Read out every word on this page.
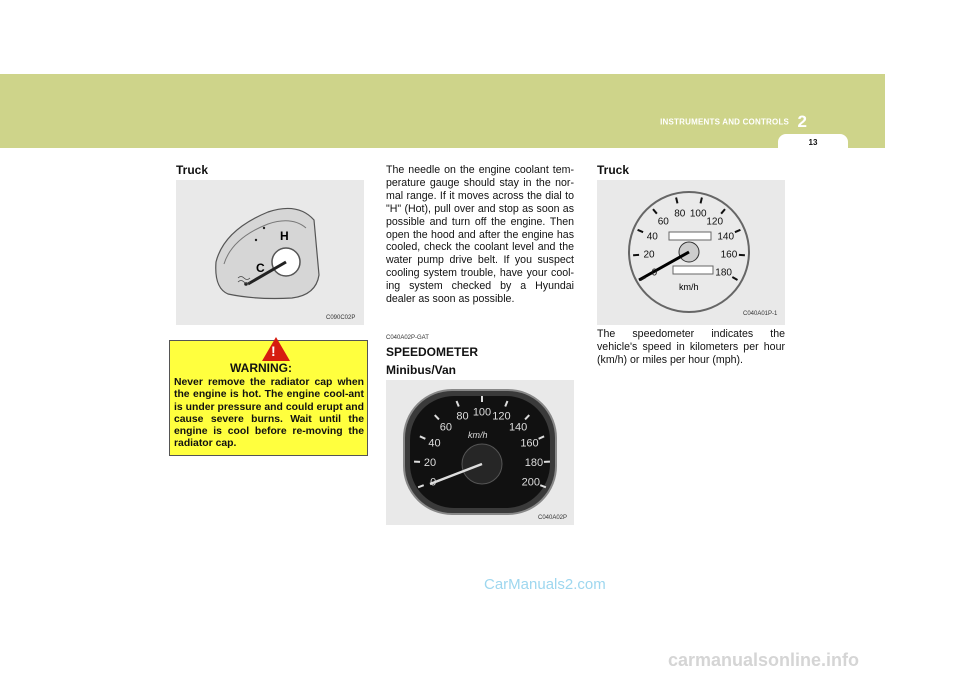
INSTRUMENTS AND CONTROLS 2
13
Truck
H
C
C090C02P
!
WARNING:
Never remove the radiator cap when the engine is hot. The engine cool-ant is under pressure and could erupt and cause severe burns. Wait until the engine is cool before re-moving the radiator cap.
The needle on the engine coolant tem-perature gauge should stay in the nor-mal range. If it moves across the dial to "H" (Hot), pull over and stop as soon as possible and turn off the engine. Then open the hood and after the engine has cooled, check the coolant level and the water pump drive belt. If you suspect cooling system trouble, have your cool-ing system checked by a Hyundai dealer as soon as possible.
C040A02P-GAT
SPEEDOMETER
Minibus/Van
km/h
0
20
40
60
80 100 120
140
160
180
200
C040A02P
Truck
km/h
0
20
40
60
80 100
120
140
160
180
C040A01P-1
The speedometer indicates the vehicle's speed in kilometers per hour (km/h) or miles per hour (mph).
CarManuals2.com
carmanualsonline.info
